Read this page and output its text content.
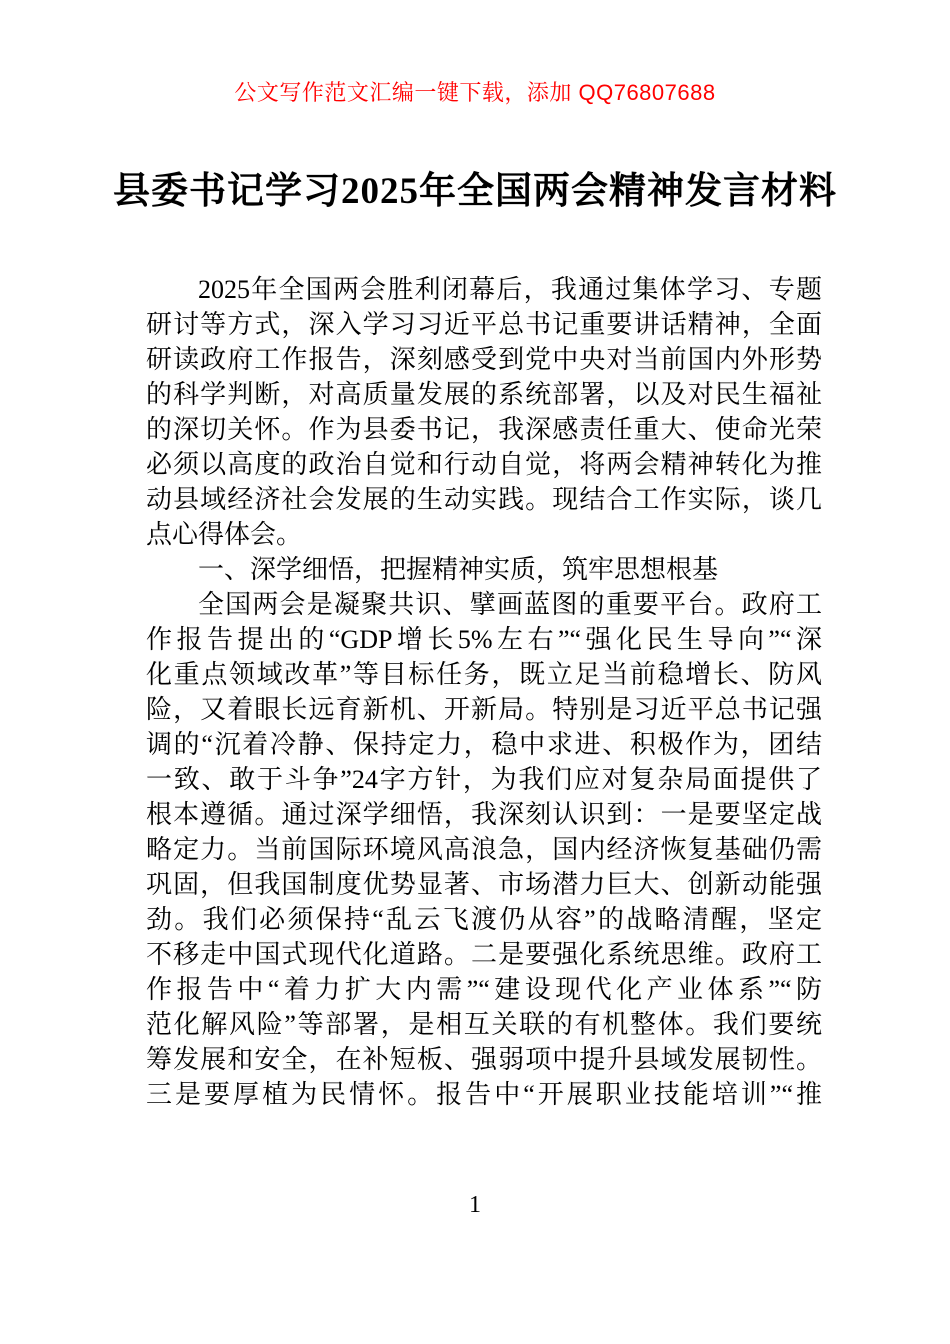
公文写作范文汇编一键下载，添加 QQ76807688
县委书记学习2025年全国两会精神发言材料
2025年全国两会胜利闭幕后，我通过集体学习、专题
研讨等方式，深入学习习近平总书记重要讲话精神，全面
研读政府工作报告，深刻感受到党中央对当前国内外形势
的科学判断，对高质量发展的系统部署，以及对民生福祉
的深切关怀。作为县委书记，我深感责任重大、使命光荣
必须以高度的政治自觉和行动自觉，将两会精神转化为推
动县域经济社会发展的生动实践。现结合工作实际，谈几
点心得体会。
一、深学细悟，把握精神实质，筑牢思想根基
全国两会是凝聚共识、擘画蓝图的重要平台。政府工
作报告提出的“GDP增长5%左右”“强化民生导向”“深
化重点领域改革”等目标任务，既立足当前稳增长、防风
险，又着眼长远育新机、开新局。特别是习近平总书记强
调的“沉着冷静、保持定力，稳中求进、积极作为，团结
一致、敢于斗争”24字方针，为我们应对复杂局面提供了
根本遵循。通过深学细悟，我深刻认识到：一是要坚定战
略定力。当前国际环境风高浪急，国内经济恢复基础仍需
巩固，但我国制度优势显著、市场潜力巨大、创新动能强
劲。我们必须保持“乱云飞渡仍从容”的战略清醒，坚定
不移走中国式现代化道路。二是要强化系统思维。政府工
作报告中“着力扩大内需”“建设现代化产业体系”“防
范化解风险”等部署，是相互关联的有机整体。我们要统
筹发展和安全，在补短板、强弱项中提升县域发展韧性。
三是要厚植为民情怀。报告中“开展职业技能培训”“推
1
